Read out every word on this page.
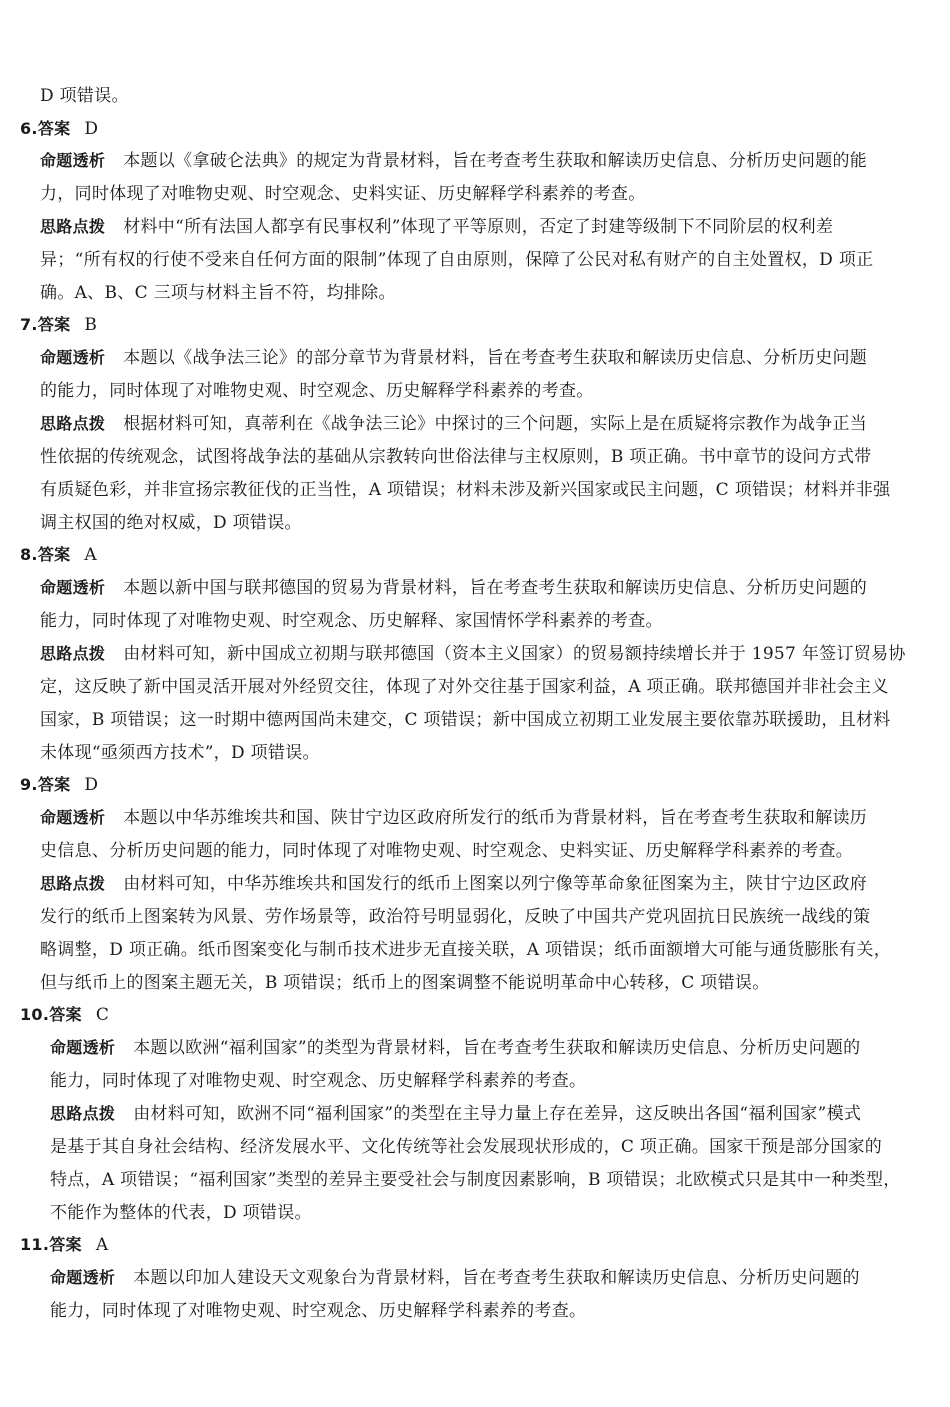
D 项错误。
6.答案 D
命题透析 本题以《拿破仑法典》的规定为背景材料，旨在考查考生获取和解读历史信息、分析历史问题的能
力，同时体现了对唯物史观、时空观念、史料实证、历史解释学科素养的考查。
思路点拨 材料中“所有法国人都享有民事权利”体现了平等原则，否定了封建等级制下不同阶层的权利差
异；“所有权的行使不受来自任何方面的限制”体现了自由原则，保障了公民对私有财产的自主处置权，D 项正
确。A、B、C 三项与材料主旨不符，均排除。
7.答案 B
命题透析 本题以《战争法三论》的部分章节为背景材料，旨在考查考生获取和解读历史信息、分析历史问题
的能力，同时体现了对唯物史观、时空观念、历史解释学科素养的考查。
思路点拨 根据材料可知，真蒂利在《战争法三论》中探讨的三个问题，实际上是在质疑将宗教作为战争正当
性依据的传统观念，试图将战争法的基础从宗教转向世俗法律与主权原则，B 项正确。书中章节的设问方式带
有质疑色彩，并非宣扬宗教征伐的正当性，A 项错误；材料未涉及新兴国家或民主问题，C 项错误；材料并非强
调主权国的绝对权威，D 项错误。
8.答案 A
命题透析 本题以新中国与联邦德国的贸易为背景材料，旨在考查考生获取和解读历史信息、分析历史问题的
能力，同时体现了对唯物史观、时空观念、历史解释、家国情怀学科素养的考查。
思路点拨 由材料可知，新中国成立初期与联邦德国（资本主义国家）的贸易额持续增长并于 1957 年签订贸易协
定，这反映了新中国灵活开展对外经贸交往，体现了对外交往基于国家利益，A 项正确。联邦德国并非社会主义
国家，B 项错误；这一时期中德两国尚未建交，C 项错误；新中国成立初期工业发展主要依靠苏联援助，且材料
未体现“亟须西方技术”，D 项错误。
9.答案 D
命题透析 本题以中华苏维埃共和国、陕甘宁边区政府所发行的纸币为背景材料，旨在考查考生获取和解读历
史信息、分析历史问题的能力，同时体现了对唯物史观、时空观念、史料实证、历史解释学科素养的考查。
思路点拨 由材料可知，中华苏维埃共和国发行的纸币上图案以列宁像等革命象征图案为主，陕甘宁边区政府
发行的纸币上图案转为风景、劳作场景等，政治符号明显弱化，反映了中国共产党巩固抗日民族统一战线的策
略调整，D 项正确。纸币图案变化与制币技术进步无直接关联，A 项错误；纸币面额增大可能与通货膨胀有关，
但与纸币上的图案主题无关，B 项错误；纸币上的图案调整不能说明革命中心转移，C 项错误。
10.答案 C
命题透析 本题以欧洲“福利国家”的类型为背景材料，旨在考查考生获取和解读历史信息、分析历史问题的
能力，同时体现了对唯物史观、时空观念、历史解释学科素养的考查。
思路点拨 由材料可知，欧洲不同“福利国家”的类型在主导力量上存在差异，这反映出各国“福利国家”模式
是基于其自身社会结构、经济发展水平、文化传统等社会发展现状形成的，C 项正确。国家干预是部分国家的
特点，A 项错误；“福利国家”类型的差异主要受社会与制度因素影响，B 项错误；北欧模式只是其中一种类型，
不能作为整体的代表，D 项错误。
11.答案 A
命题透析 本题以印加人建设天文观象台为背景材料，旨在考查考生获取和解读历史信息、分析历史问题的
能力，同时体现了对唯物史观、时空观念、历史解释学科素养的考查。
